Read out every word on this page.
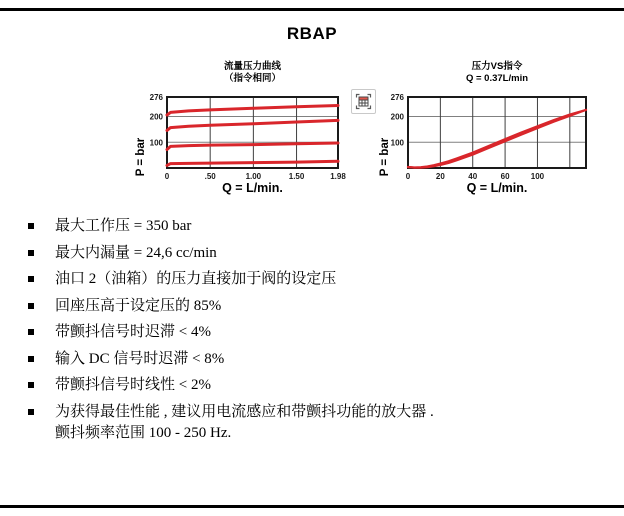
RBAP
流量压力曲线
（指令相同）
P = bar
276
200
100
0	.50	1.00	1.50	1.98
Q = L/min.
压力VS指令
Q = 0.37L/min
P = bar
276
200
100
0	20	40	60	100
Q = L/min.
最大工作压 = 350 bar
最大内漏量 = 24,6 cc/min
油口 2（油箱）的压力直接加于阀的设定压
回座压高于设定压的 85%
带颤抖信号时迟滞 < 4%
输入 DC 信号时迟滞 < 8%
带颤抖信号时线性 < 2%
为获得最佳性能 , 建议用电流感应和带颤抖功能的放大器 .
颤抖频率范围 100 - 250 Hz.
